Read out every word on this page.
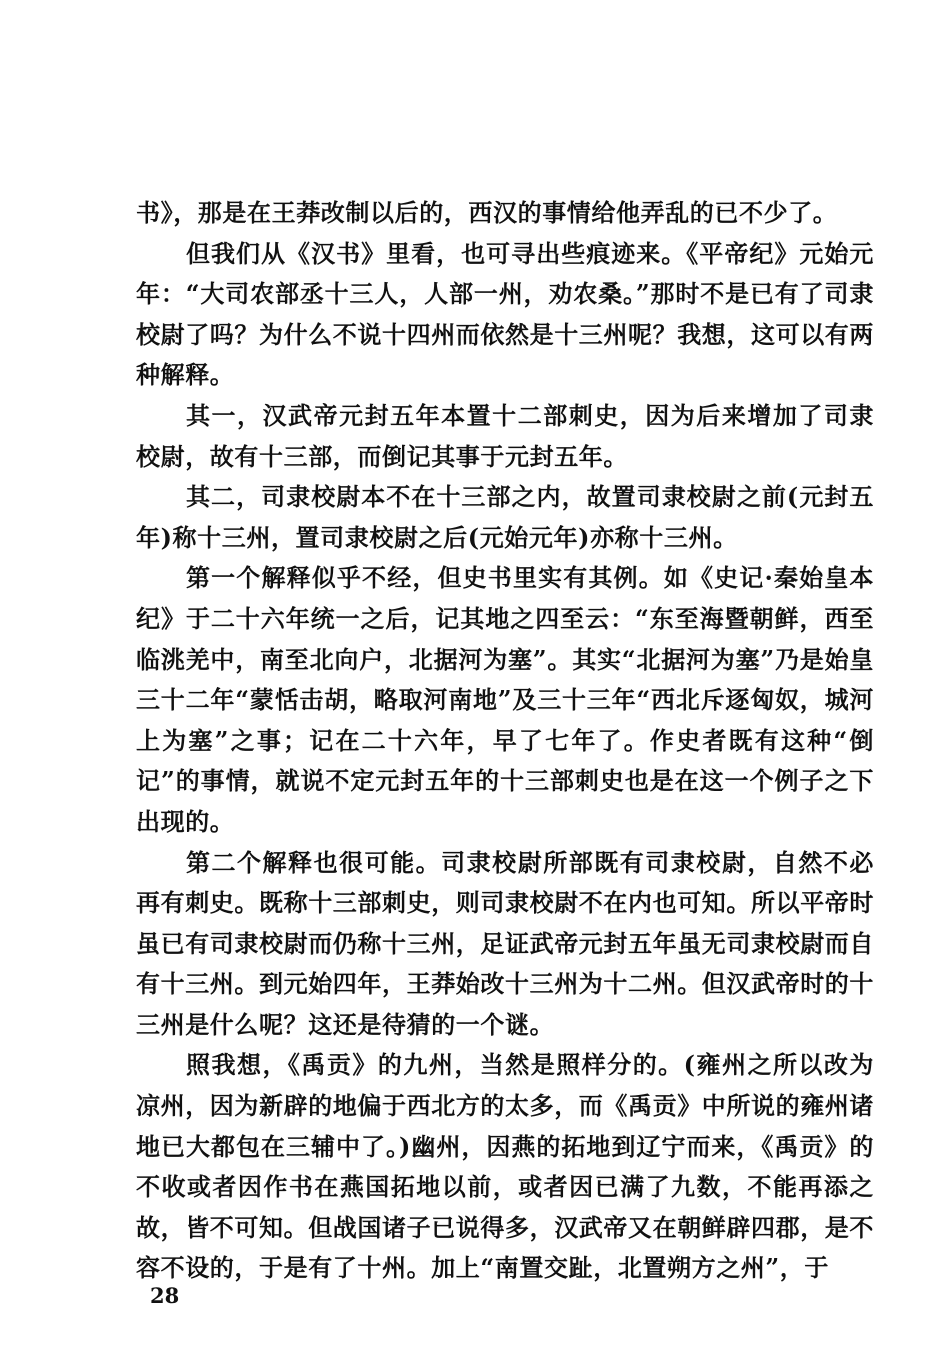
书》，那是在王莽改制以后的，西汉的事情给他弄乱的已不少了。

但我们从《汉书》里看，也可寻出些痕迹来。《平帝纪》元始元年：“大司农部丞十三人，人部一州，劝农桑。”那时不是已有了司隶校尉了吗？为什么不说十四州而依然是十三州呢？我想，这可以有两种解释。

其一，汉武帝元封五年本置十二部刺史，因为后来增加了司隶校尉，故有十三部，而倒记其事于元封五年。

其二，司隶校尉本不在十三部之内，故置司隶校尉之前(元封五年)称十三州，置司隶校尉之后(元始元年)亦称十三州。

第一个解释似乎不经，但史书里实有其例。如《史记·秦始皇本纪》于二十六年统一之后，记其地之四至云：“东至海暨朝鲜，西至临洮羌中，南至北向户，北据河为塞”。其实“北据河为塞”乃是始皇三十二年“蒙恬击胡，略取河南地”及三十三年“西北斥逐匈奴，城河上为塞”之事；记在二十六年，早了七年了。作史者既有这种“倒记”的事情，就说不定元封五年的十三部刺史也是在这一个例子之下出现的。

第二个解释也很可能。司隶校尉所部既有司隶校尉，自然不必再有刺史。既称十三部刺史，则司隶校尉不在内也可知。所以平帝时虽已有司隶校尉而仍称十三州，足证武帝元封五年虽无司隶校尉而自有十三州。到元始四年，王莽始改十三州为十二州。但汉武帝时的十三州是什么呢？这还是待猜的一个谜。

照我想，《禹贡》的九州，当然是照样分的。(雍州之所以改为凉州，因为新辟的地偏于西北方的太多，而《禹贡》中所说的雍州诸地已大都包在三辅中了。)幽州，因燕的拓地到辽宁而来，《禹贡》的不收或者因作书在燕国拓地以前，或者因已满了九数，不能再添之故，皆不可知。但战国诸子已说得多，汉武帝又在朝鲜辟四郡，是不容不设的，于是有了十州。加上“南置交趾，北置朔方之州”，于

28
